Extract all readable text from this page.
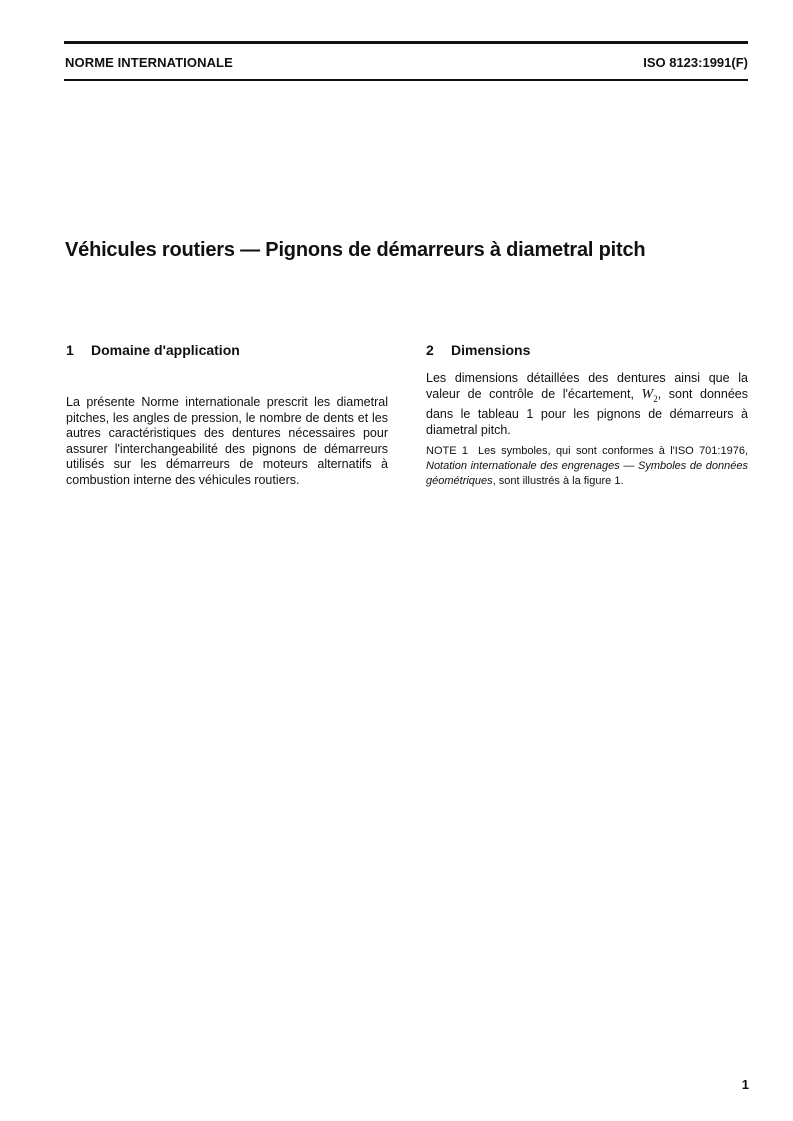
NORME INTERNATIONALE	ISO 8123:1991(F)
Véhicules routiers — Pignons de démarreurs à diametral pitch
1 Domaine d'application

La présente Norme internationale prescrit les diametral pitches, les angles de pression, le nombre de dents et les autres caractéristiques des dentures nécessaires pour assurer l'interchangeabilité des pignons de démarreurs utilisés sur les démarreurs de moteurs alternatifs à combustion interne des véhicules routiers.

2 Dimensions

Les dimensions détaillées des dentures ainsi que la valeur de contrôle de l'écartement, $W_2$, sont données dans le tableau 1 pour les pignons de démarreurs à diametral pitch.

NOTE 1 Les symboles, qui sont conformes à l'ISO 701:1976, Notation internationale des engrenages — Symboles de données géométriques, sont illustrés à la figure 1.

1
